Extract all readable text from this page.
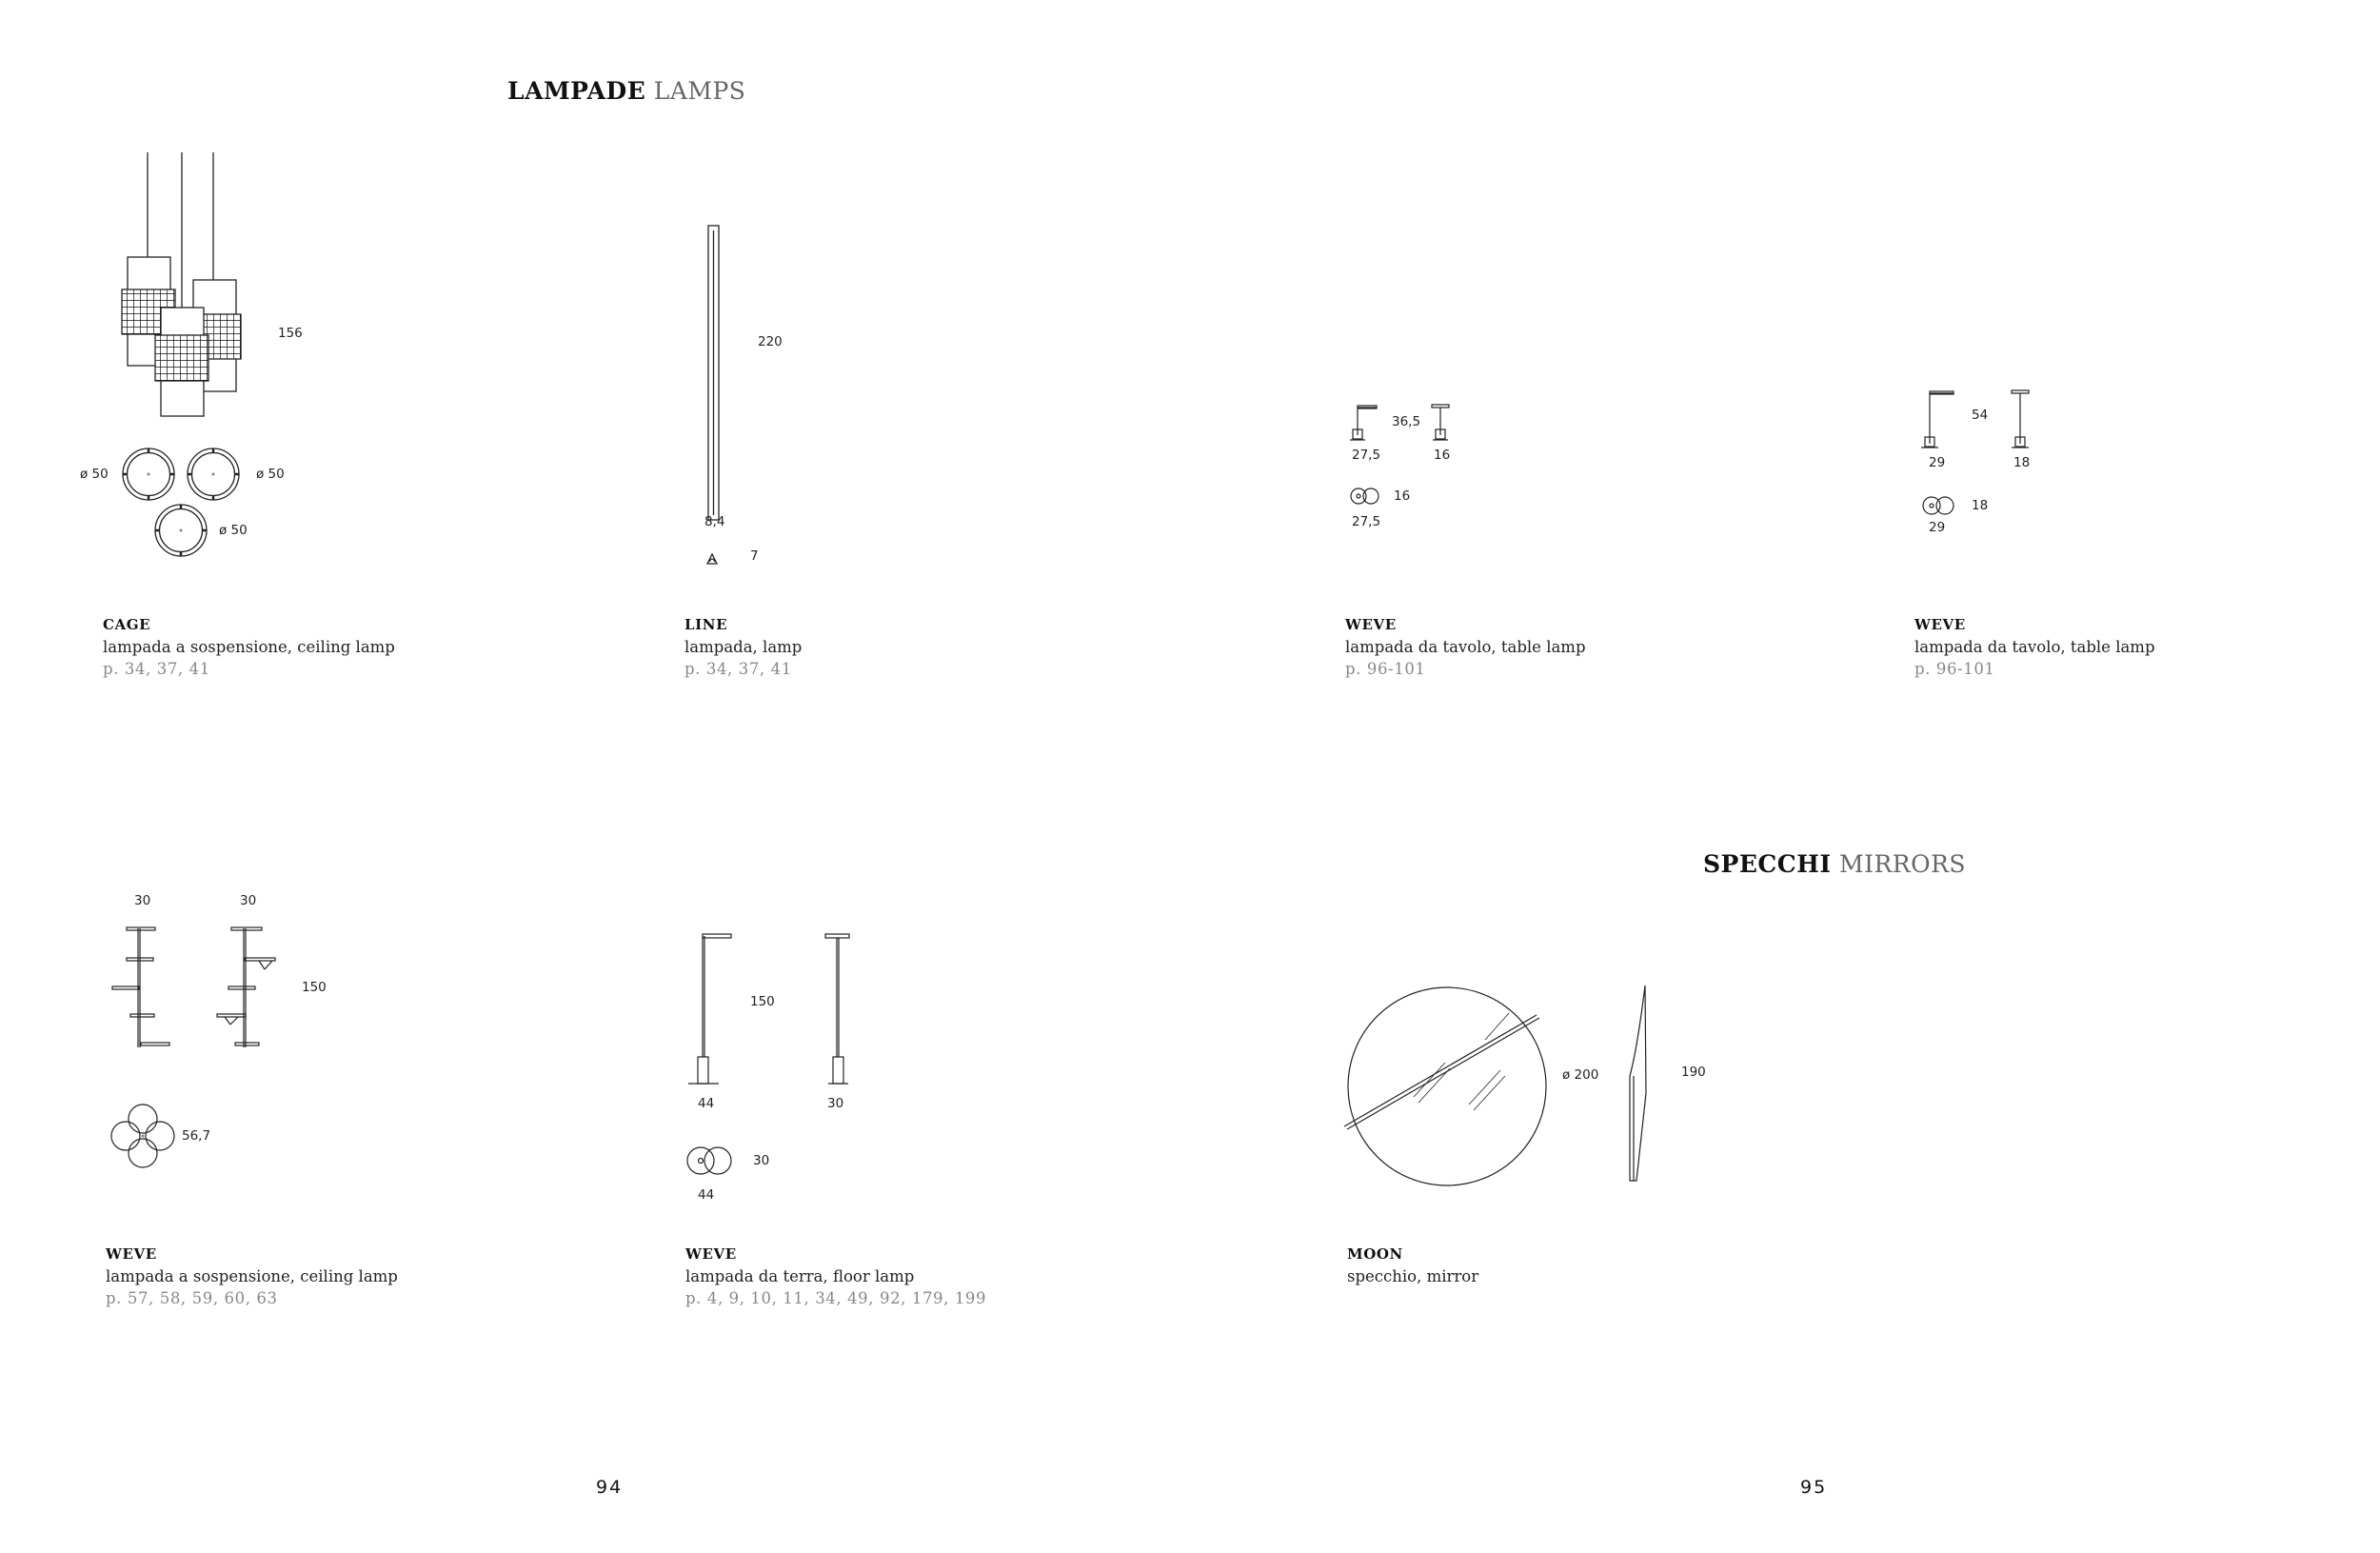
LAMPADE LAMPS
SPECCHI MIRRORS
156
ø 50	ø 50
ø 50
220
8,4
7
36,5
27,5	16
16
27,5
54
29	18
18
29
30	30
150
56,7
150
44	30
30
44
ø 200	190
CAGE
lampada a sospensione, ceiling lamp
p. 34, 37, 41
LINE
lampada, lamp
p. 34, 37, 41
WEVE
lampada da tavolo, table lamp
p. 96-101
WEVE
lampada da tavolo, table lamp
p. 96-101
WEVE
lampada a sospensione, ceiling lamp
p. 57, 58, 59, 60, 63
WEVE
lampada da terra, floor lamp
p. 4, 9, 10, 11, 34, 49, 92, 179, 199
MOON
specchio, mirror
94	95
